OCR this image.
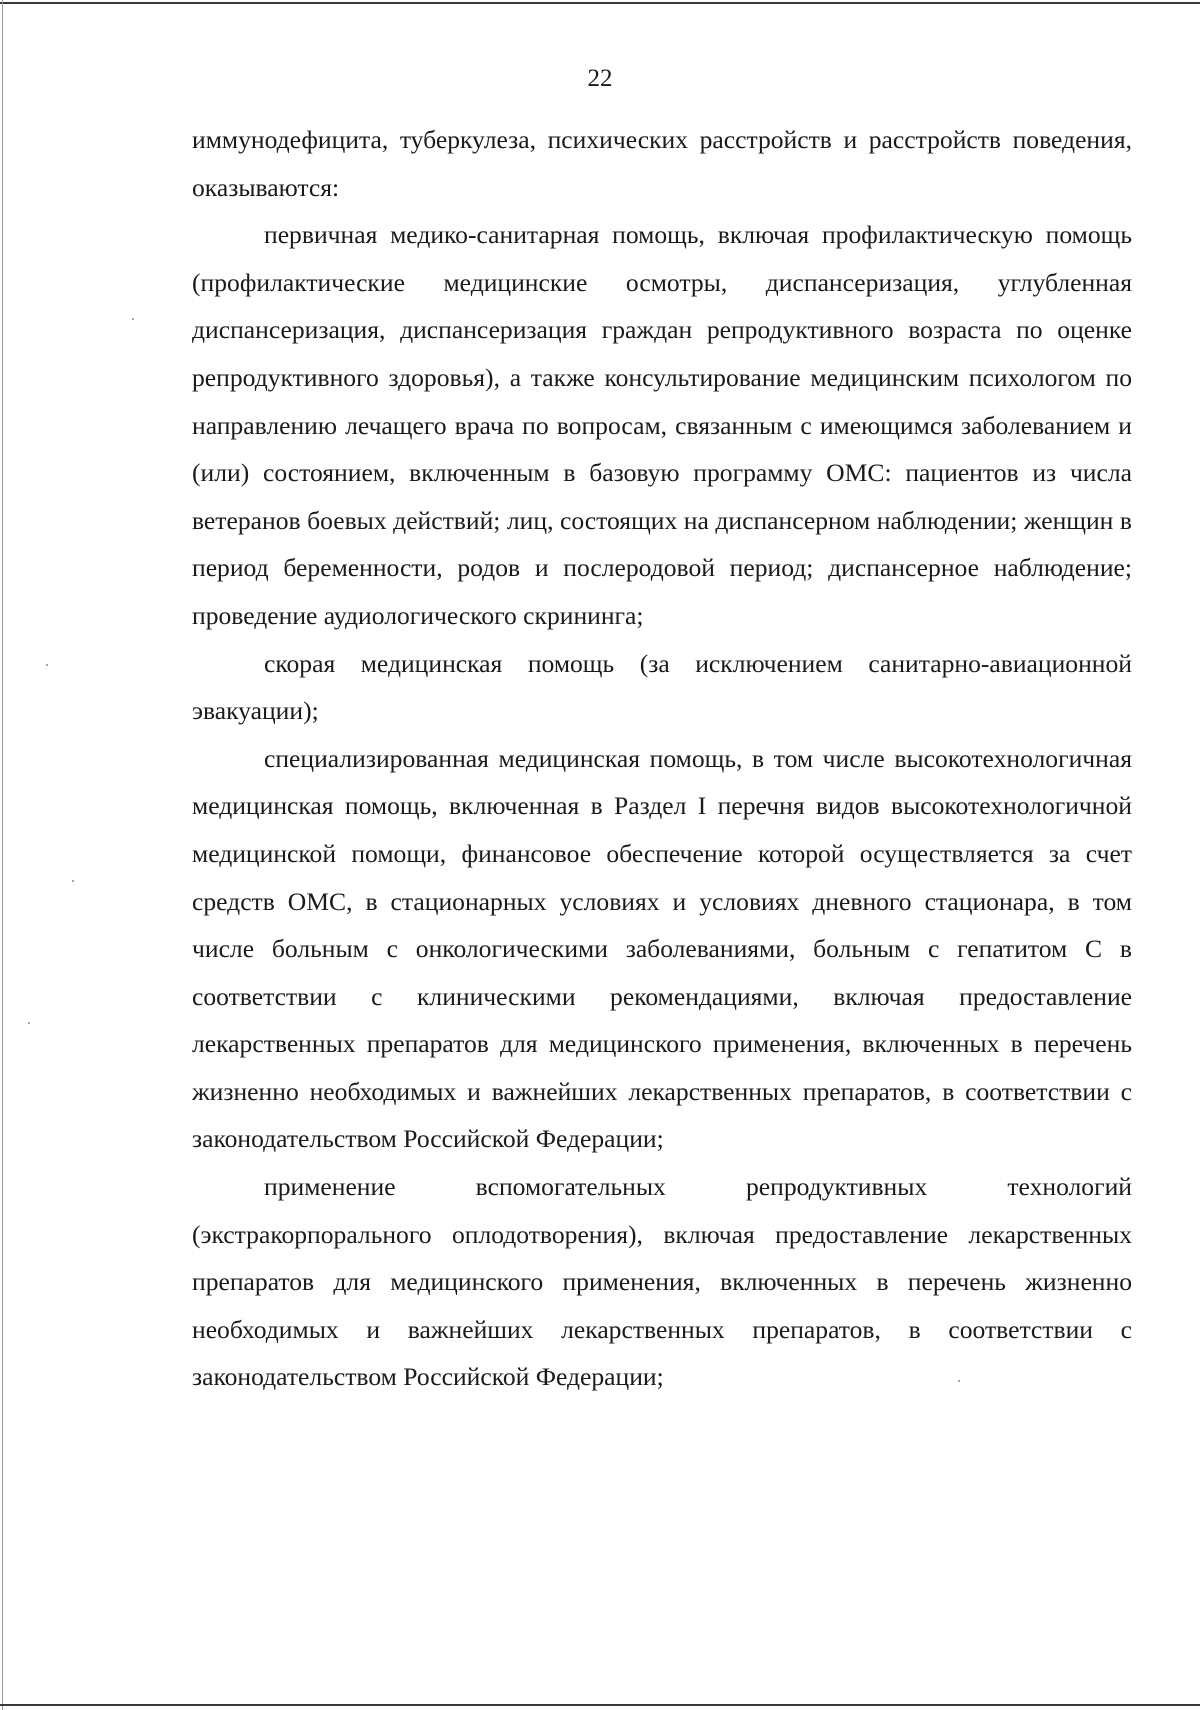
22

иммунодефицита, туберкулеза, психических расстройств и расстройств поведения, оказываются:

первичная медико-санитарная помощь, включая профилактическую помощь (профилактические медицинские осмотры, диспансеризация, углубленная диспансеризация, диспансеризация граждан репродуктивного возраста по оценке репродуктивного здоровья), а также консультирование медицинским психологом по направлению лечащего врача по вопросам, связанным с имеющимся заболеванием и (или) состоянием, включенным в базовую программу ОМС: пациентов из числа ветеранов боевых действий; лиц, состоящих на диспансерном наблюдении; женщин в период беременности, родов и послеродовой период; диспансерное наблюдение; проведение аудиологического скрининга;

скорая медицинская помощь (за исключением санитарно-авиационной эвакуации);

специализированная медицинская помощь, в том числе высокотехнологичная медицинская помощь, включенная в Раздел I перечня видов высокотехнологичной медицинской помощи, финансовое обеспечение которой осуществляется за счет средств ОМС, в стационарных условиях и условиях дневного стационара, в том числе больным с онкологическими заболеваниями, больным с гепатитом С в соответствии с клиническими рекомендациями, включая предоставление лекарственных препаратов для медицинского применения, включенных в перечень жизненно необходимых и важнейших лекарственных препаратов, в соответствии с законодательством Российской Федерации;

применение вспомогательных репродуктивных технологий (экстракорпорального оплодотворения), включая предоставление лекарственных препаратов для медицинского применения, включенных в перечень жизненно необходимых и важнейших лекарственных препаратов, в соответствии с законодательством Российской Федерации;
